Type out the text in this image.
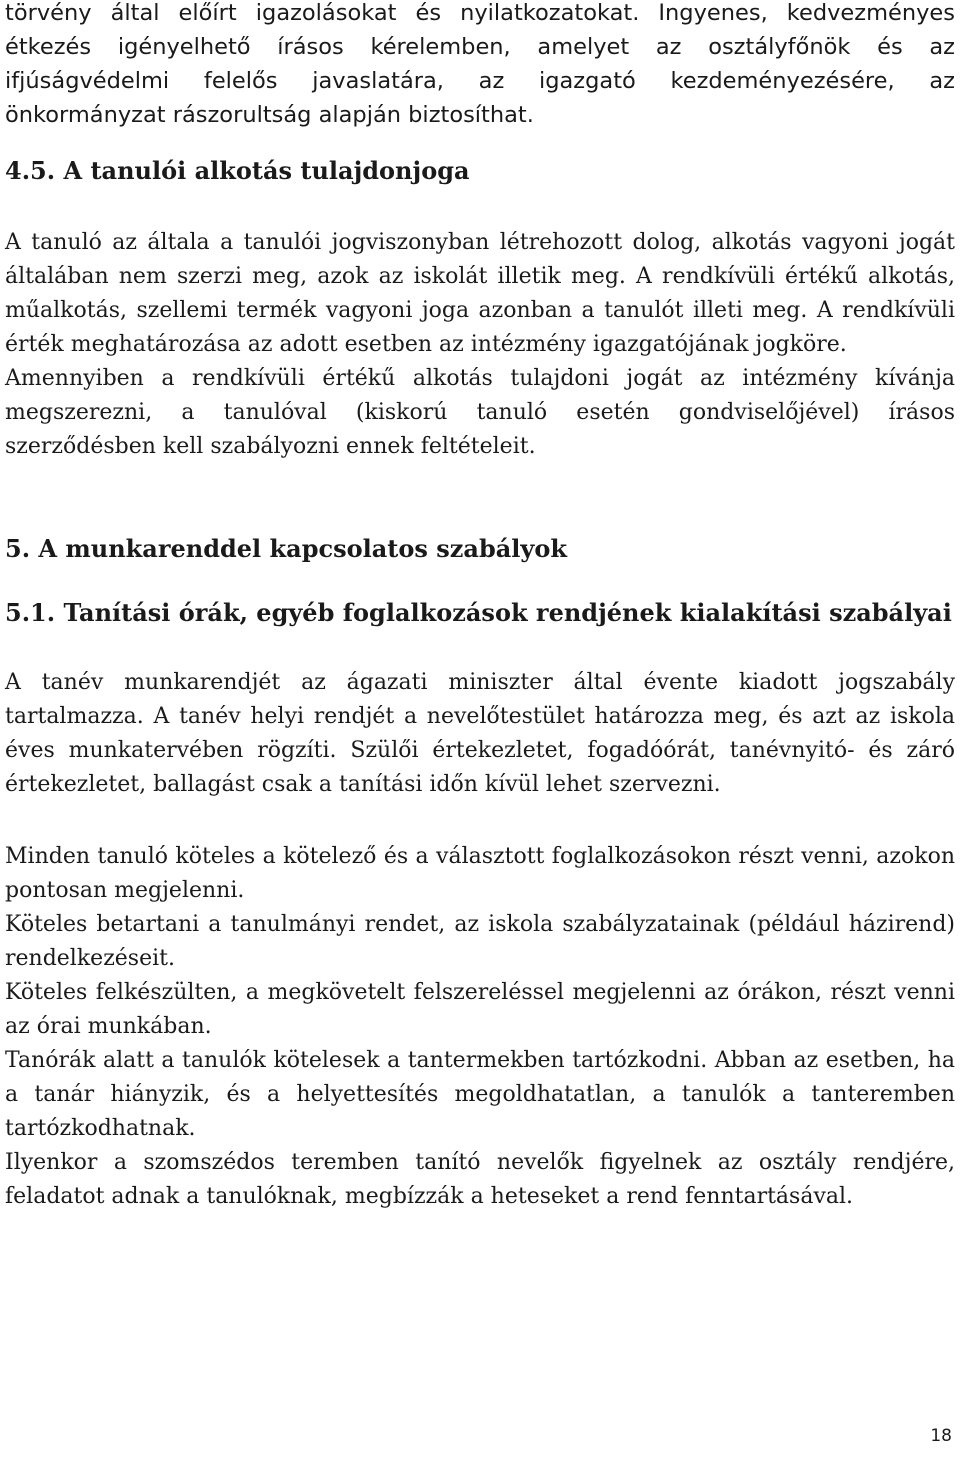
törvény által előírt igazolásokat és nyilatkozatokat. Ingyenes, kedvezményes étkezés igényelhető írásos kérelemben, amelyet az osztályfőnök és az ifjúságvédelmi felelős javaslatára, az igazgató kezdeményezésére, az önkormányzat rászorultság alapján biztosíthat.

4.5. A tanulói alkotás tulajdonjoga

A tanuló az általa a tanulói jogviszonyban létrehozott dolog, alkotás vagyoni jogát általában nem szerzi meg, azok az iskolát illetik meg. A rendkívüli értékű alkotás, műalkotás, szellemi termék vagyoni joga azonban a tanulót illeti meg. A rendkívüli érték meghatározása az adott esetben az intézmény igazgatójának jogköre.

Amennyiben a rendkívüli értékű alkotás tulajdoni jogát az intézmény kívánja megszerezni, a tanulóval (kiskorú tanuló esetén gondviselőjével) írásos szerződésben kell szabályozni ennek feltételeit.

5. A munkarenddel kapcsolatos szabályok

5.1. Tanítási órák, egyéb foglalkozások rendjének kialakítási szabályai

A tanév munkarendjét az ágazati miniszter által évente kiadott jogszabály tartalmazza. A tanév helyi rendjét a nevelőtestület határozza meg, és azt az iskola éves munkatervében rögzíti. Szülői értekezletet, fogadóórát, tanévnyitó- és záró értekezletet, ballagást csak a tanítási időn kívül lehet szervezni.

Minden tanuló köteles a kötelező és a választott foglalkozásokon részt venni, azokon pontosan megjelenni.

Köteles betartani a tanulmányi rendet, az iskola szabályzatainak (például házirend) rendelkezéseit.

Köteles felkészülten, a megkövetelt felszereléssel megjelenni az órákon, részt venni az órai munkában.

Tanórák alatt a tanulók kötelesek a tantermekben tartózkodni. Abban az esetben, ha a tanár hiányzik, és a helyettesítés megoldhatatlan, a tanulók a tanteremben tartózkodhatnak.

Ilyenkor a szomszédos teremben tanító nevelők figyelnek az osztály rendjére, feladatot adnak a tanulóknak, megbízzák a heteseket a rend fenntartásával.

18
